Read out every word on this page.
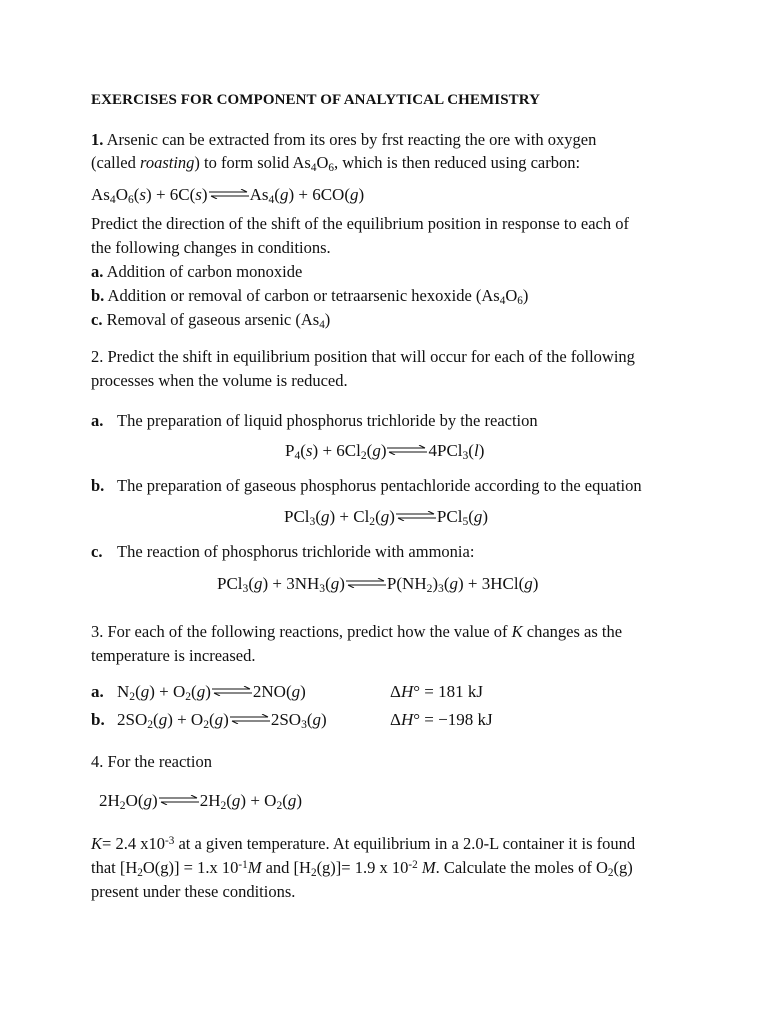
EXERCISES FOR COMPONENT OF ANALYTICAL CHEMISTRY
1. Arsenic can be extracted from its ores by frst reacting the ore with oxygen
(called roasting) to form solid $As_4O_6$, which is then reduced using carbon:
$As_4O_6(s)$ + $6C(s)\rightleftharpoons As_4(g) + 6CO(g)$
Predict the direction of the shift of the equilibrium position in response to each of
the following changes in conditions.
a. Addition of carbon monoxide
b. Addition or removal of carbon or tetraarsenic hexoxide $(As_4O_6)$
c. Removal of gaseous arsenic $(As_4)$
2. Predict the shift in equilibrium position that will occur for each of the following
processes when the volume is reduced.
a. The preparation of liquid phosphorus trichloride by the reaction
$P_4(s)$ + $6Cl_2(g)\rightleftharpoons 4PCl_3(l)$
b. The preparation of gaseous phosphorus pentachloride according to the equation
$PCl_3(g) + Cl_2(g)\rightleftharpoons PCl_5(g)$
c. The reaction of phosphorus trichloride with ammonia:
$PCl_3(g) + 3NH_3(g)\rightleftharpoons P(NH_2)_3(g) + 3HCl(g)$
3. For each of the following reactions, predict how the value of K changes as the
temperature is increased.
a. $N_2(g)$ + $O_2(g)\rightleftharpoons 2NO(g)$	ΔH° = 181 kJ
b. $2SO_2(g)$ + $O_2(g)\rightleftharpoons 2SO_3(g)$	ΔH° = −198 kJ
4. For the reaction
$2H_2O(g)\rightleftharpoons 2H_2(g) + O_2(g)$
K= 2.4 $x10^{-3}$ at a given temperature. At equilibrium in a 2.0-L container it is found
that $[H_2O(g)] = 1.x$ $10^{-1}M$ and $[H_2(g)]= 1.9$ x $10^{-2}$ M. Calculate the moles of $O_2(g)$
present under these conditions.
